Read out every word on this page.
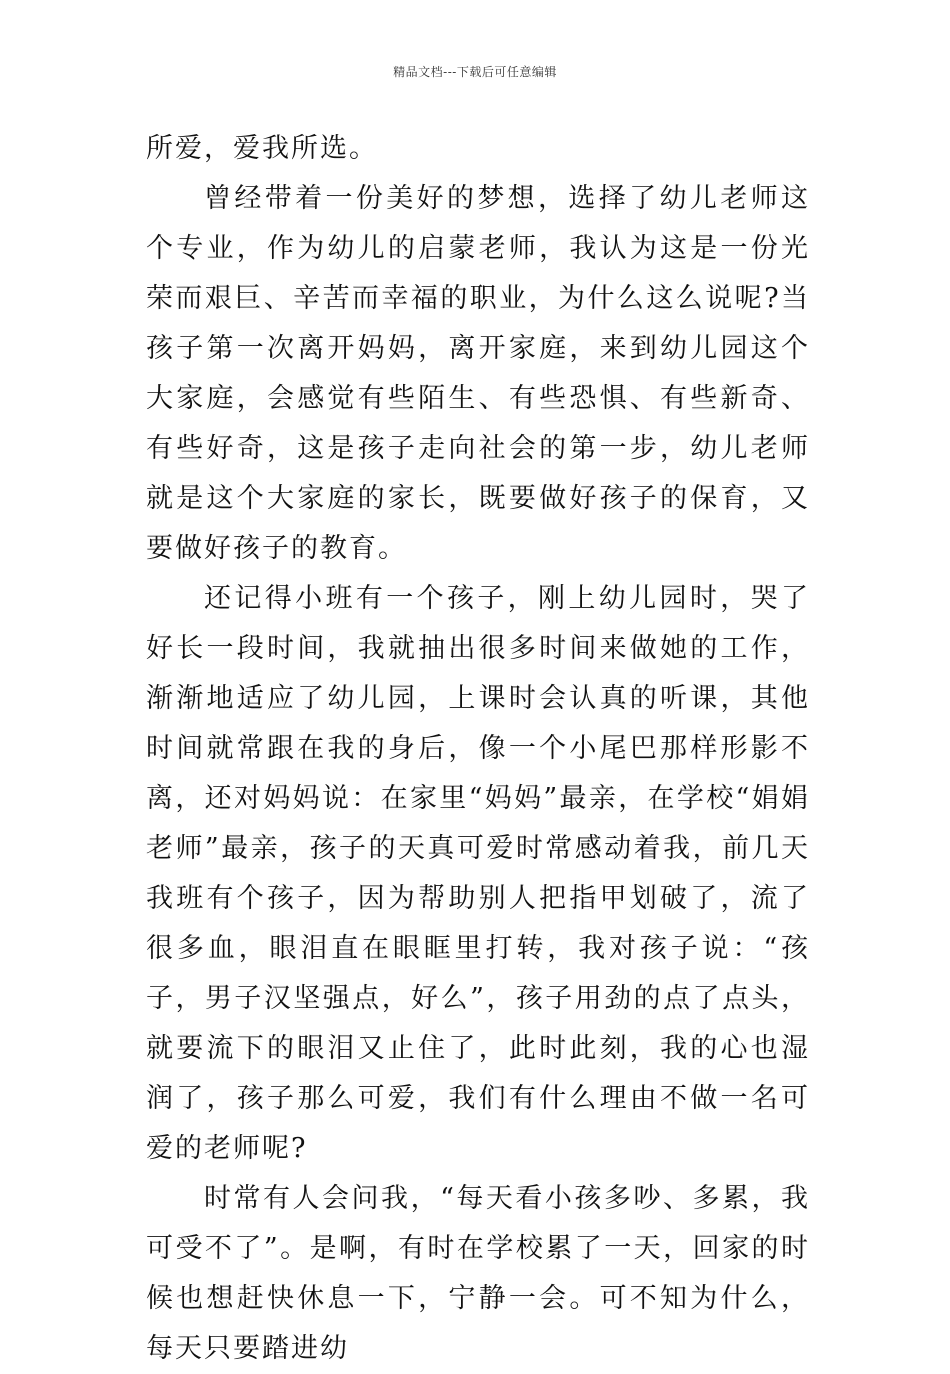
精品文档---下载后可任意编辑

所爱，爱我所选。

曾经带着一份美好的梦想，选择了幼儿老师这个专业，作为幼儿的启蒙老师，我认为这是一份光荣而艰巨、辛苦而幸福的职业，为什么这么说呢?当孩子第一次离开妈妈，离开家庭，来到幼儿园这个大家庭，会感觉有些陌生、有些恐惧、有些新奇、有些好奇，这是孩子走向社会的第一步，幼儿老师就是这个大家庭的家长，既要做好孩子的保育，又要做好孩子的教育。

还记得小班有一个孩子，刚上幼儿园时，哭了好长一段时间，我就抽出很多时间来做她的工作，渐渐地适应了幼儿园，上课时会认真的听课，其他时间就常跟在我的身后，像一个小尾巴那样形影不离，还对妈妈说：在家里“妈妈”最亲，在学校“娟娟老师”最亲，孩子的天真可爱时常感动着我，前几天我班有个孩子，因为帮助别人把指甲划破了，流了很多血，眼泪直在眼眶里打转，我对孩子说：“孩子，男子汉坚强点，好么”，孩子用劲的点了点头，就要流下的眼泪又止住了，此时此刻，我的心也湿润了，孩子那么可爱，我们有什么理由不做一名可爱的老师呢?

时常有人会问我，“每天看小孩多吵、多累，我可受不了”。是啊，有时在学校累了一天，回家的时候也想赶快休息一下，宁静一会。可不知为什么，每天只要踏进幼
